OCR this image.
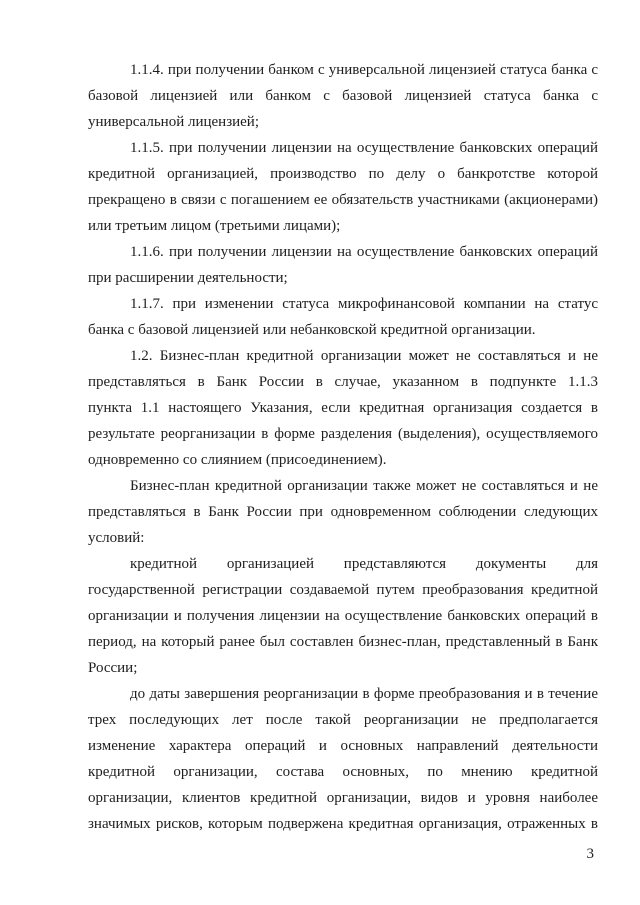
1.1.4. при получении банком с универсальной лицензией статуса банка с
базовой лицензией или банком с базовой лицензией статуса банка с
универсальной лицензией;
1.1.5. при получении лицензии на осуществление банковских операций
кредитной организацией, производство по делу о банкротстве которой
прекращено в связи с погашением ее обязательств участниками (акционерами)
или третьим лицом (третьими лицами);
1.1.6. при получении лицензии на осуществление банковских операций
при расширении деятельности;
1.1.7. при изменении статуса микрофинансовой компании на статус
банка с базовой лицензией или небанковской кредитной организации.
1.2. Бизнес-план кредитной организации может не составляться и не
представляться в Банк России в случае, указанном в подпункте 1.1.3
пункта 1.1 настоящего Указания, если кредитная организация создается в
результате реорганизации в форме разделения (выделения), осуществляемого
одновременно со слиянием (присоединением).
Бизнес-план кредитной организации также может не составляться и не
представляться в Банк России при одновременном соблюдении следующих
условий:
кредитной организацией представляются документы для
государственной регистрации создаваемой путем преобразования кредитной
организации и получения лицензии на осуществление банковских операций в
период, на который ранее был составлен бизнес-план, представленный в Банк
России;
до даты завершения реорганизации в форме преобразования и в течение
трех последующих лет после такой реорганизации не предполагается
изменение характера операций и основных направлений деятельности
кредитной организации, состава основных, по мнению кредитной
организации, клиентов кредитной организации, видов и уровня наиболее
значимых рисков, которым подвержена кредитная организация, отраженных в
3
